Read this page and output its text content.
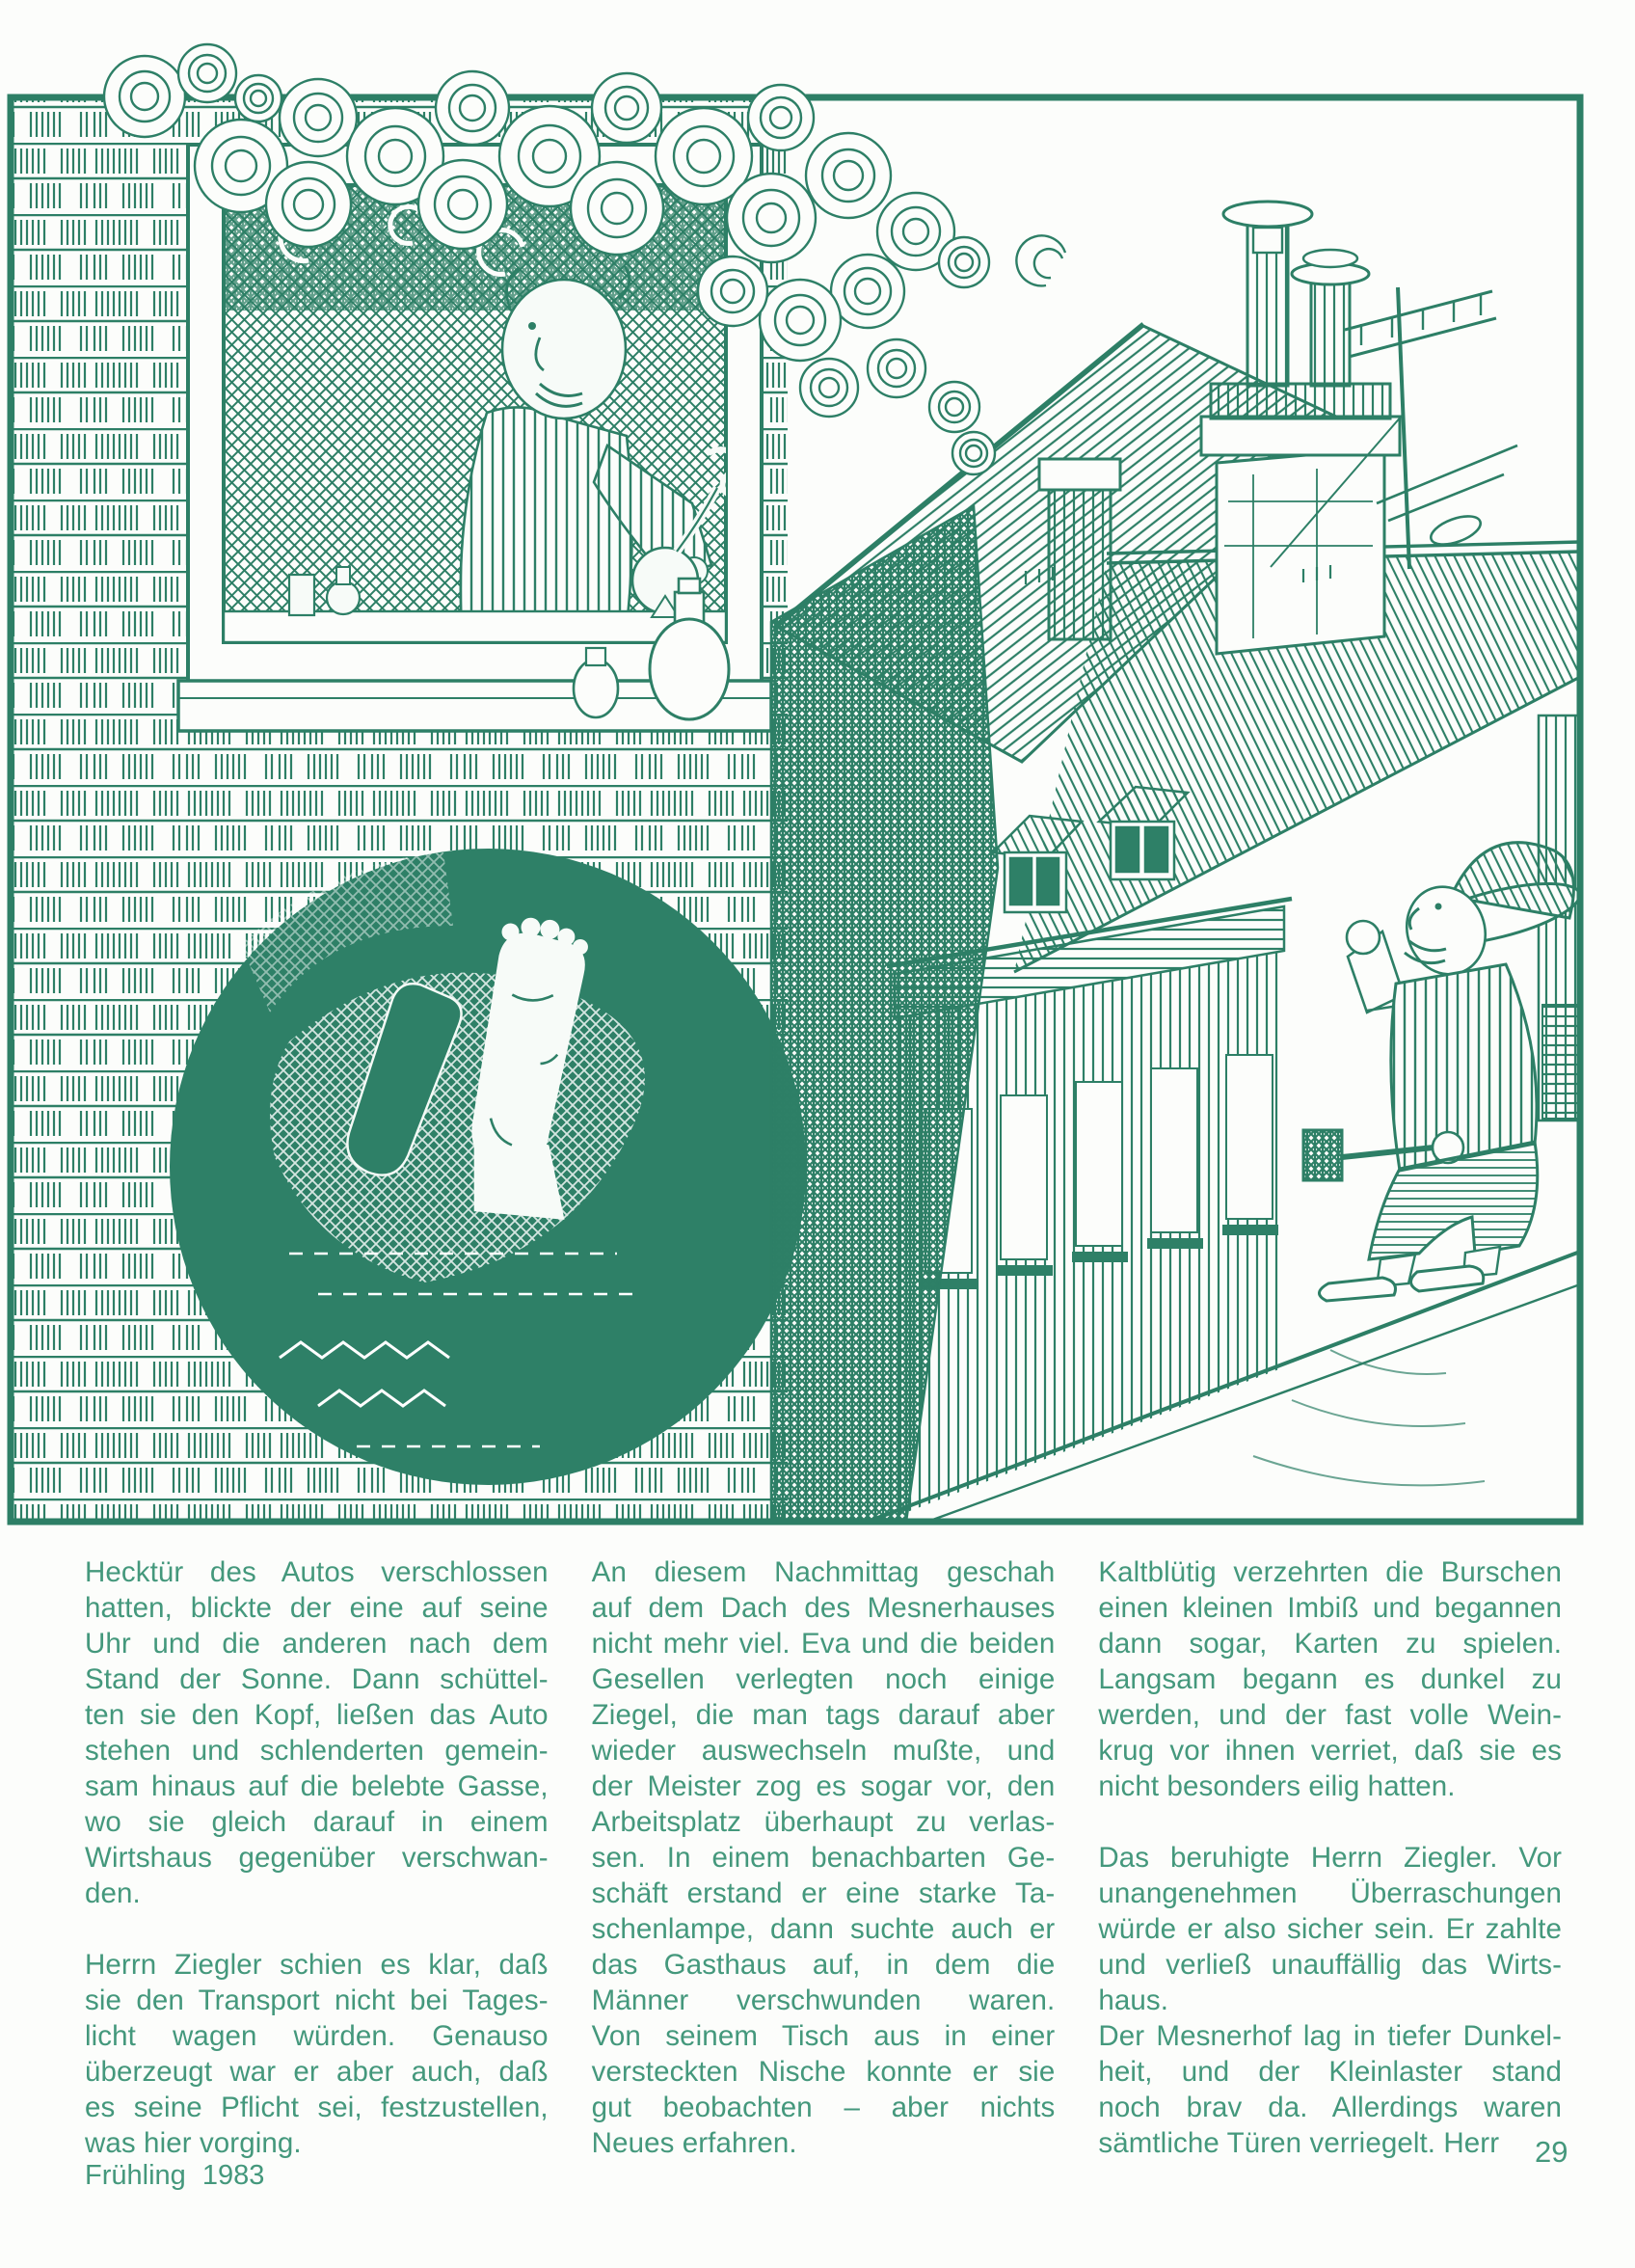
Hecktür des Autos verschlossen
hatten, blickte der eine auf seine
Uhr und die anderen nach dem
Stand der Sonne. Dann schüttel-
ten sie den Kopf, ließen das Auto
stehen und schlenderten gemein-
sam hinaus auf die belebte Gasse,
wo sie gleich darauf in einem
Wirtshaus gegenüber verschwan-
den.
Herrn Ziegler schien es klar, daß
sie den Transport nicht bei Tages-
licht wagen würden. Genauso
überzeugt war er aber auch, daß
es seine Pflicht sei, festzustellen,
was hier vorging.
An diesem Nachmittag geschah
auf dem Dach des Mesnerhauses
nicht mehr viel. Eva und die beiden
Gesellen verlegten noch einige
Ziegel, die man tags darauf aber
wieder auswechseln mußte, und
der Meister zog es sogar vor, den
Arbeitsplatz überhaupt zu verlas-
sen. In einem benachbarten Ge-
schäft erstand er eine starke Ta-
schenlampe, dann suchte auch er
das Gasthaus auf, in dem die
Männer verschwunden waren.
Von seinem Tisch aus in einer
versteckten Nische konnte er sie
gut beobachten – aber nichts
Neues erfahren.
Kaltblütig verzehrten die Burschen
einen kleinen Imbiß und begannen
dann sogar, Karten zu spielen.
Langsam begann es dunkel zu
werden, und der fast volle Wein-
krug vor ihnen verriet, daß sie es
nicht besonders eilig hatten.
Das beruhigte Herrn Ziegler. Vor
unangenehmen Überraschungen
würde er also sicher sein. Er zahlte
und verließ unauffällig das Wirts-
haus.
Der Mesnerhof lag in tiefer Dunkel-
heit, und der Kleinlaster stand
noch brav da. Allerdings waren
sämtliche Türen verriegelt. Herr
Frühling 1983
29
